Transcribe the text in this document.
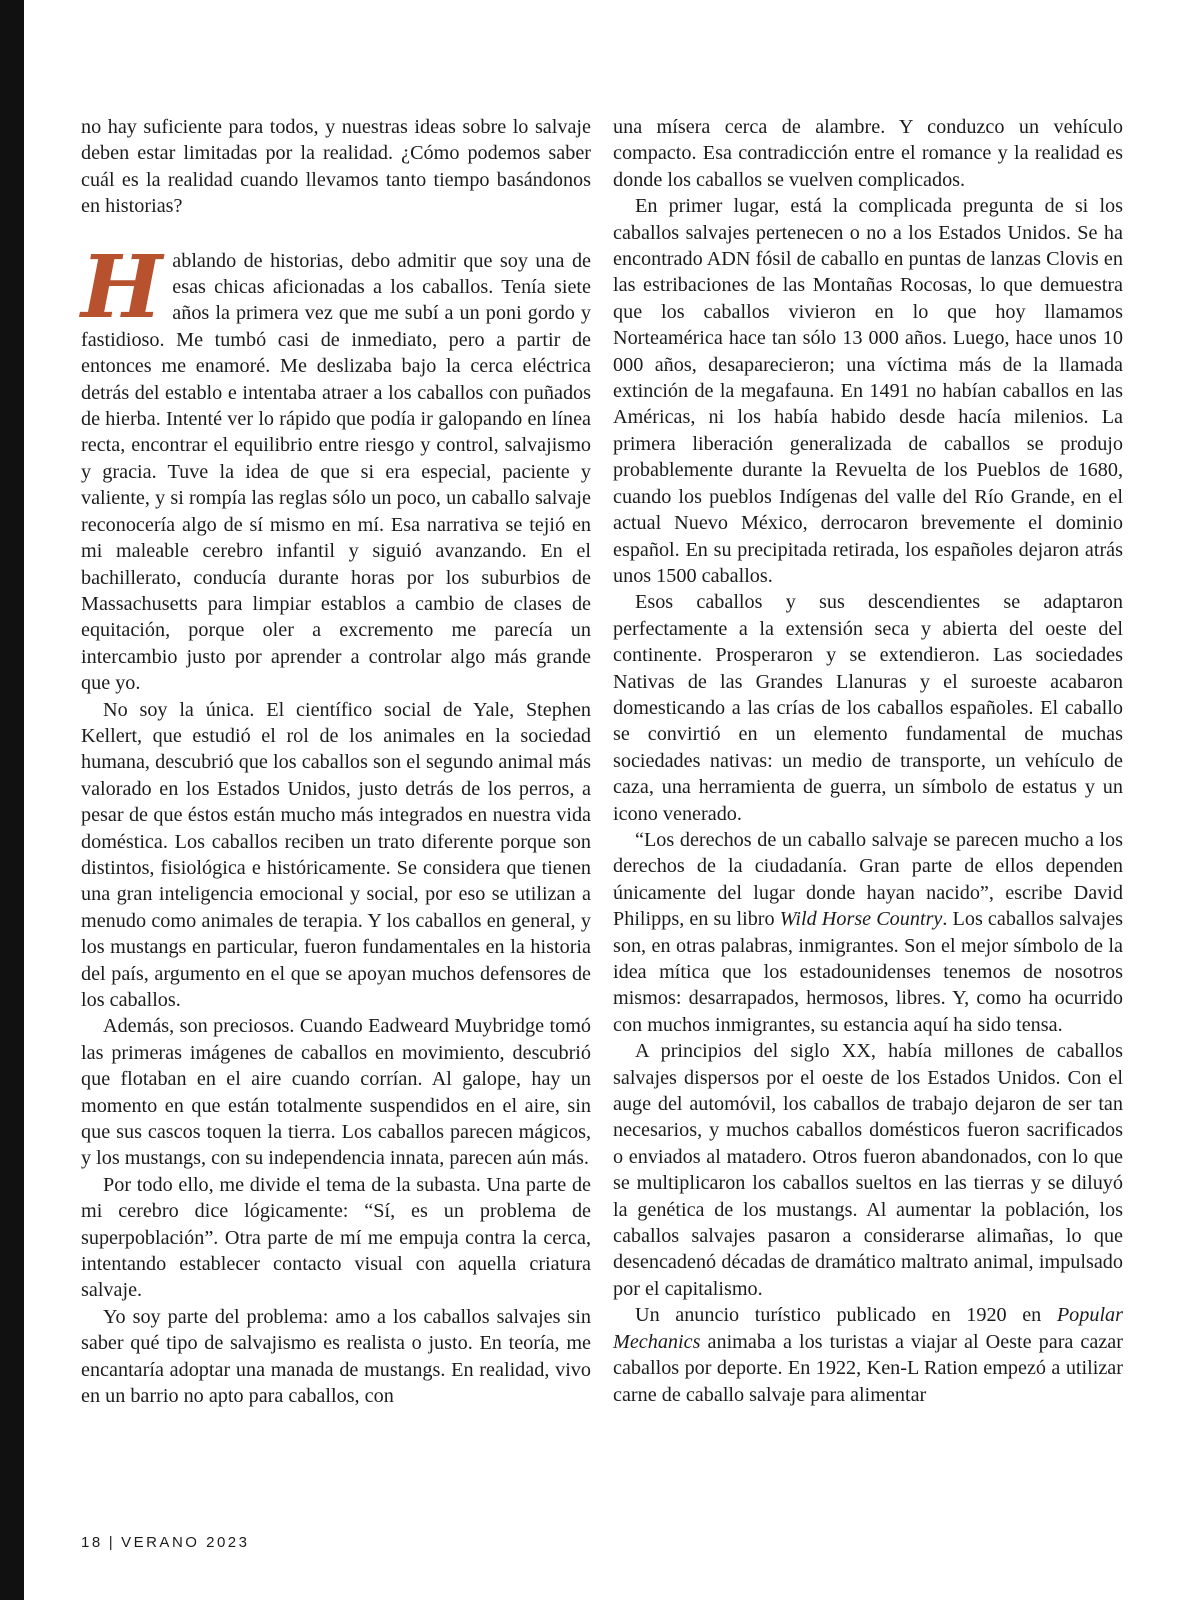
no hay suficiente para todos, y nuestras ideas sobre lo salvaje deben estar limitadas por la realidad. ¿Cómo podemos saber cuál es la realidad cuando llevamos tanto tiempo basándonos en historias?

Hablando de historias, debo admitir que soy una de esas chicas aficionadas a los caballos. Tenía siete años la primera vez que me subí a un poni gordo y fastidioso. Me tumbó casi de inmediato, pero a partir de entonces me enamoré. Me deslizaba bajo la cerca eléctrica detrás del establo e intentaba atraer a los caballos con puñados de hierba. Intenté ver lo rápido que podía ir galopando en línea recta, encontrar el equilibrio entre riesgo y control, salvajismo y gracia. Tuve la idea de que si era especial, paciente y valiente, y si rompía las reglas sólo un poco, un caballo salvaje reconocería algo de sí mismo en mí. Esa narrativa se tejió en mi maleable cerebro infantil y siguió avanzando. En el bachillerato, conducía durante horas por los suburbios de Massachusetts para limpiar establos a cambio de clases de equitación, porque oler a excremento me parecía un intercambio justo por aprender a controlar algo más grande que yo.

No soy la única. El científico social de Yale, Stephen Kellert, que estudió el rol de los animales en la sociedad humana, descubrió que los caballos son el segundo animal más valorado en los Estados Unidos, justo detrás de los perros, a pesar de que éstos están mucho más integrados en nuestra vida doméstica. Los caballos reciben un trato diferente porque son distintos, fisiológica e históricamente. Se considera que tienen una gran inteligencia emocional y social, por eso se utilizan a menudo como animales de terapia. Y los caballos en general, y los mustangs en particular, fueron fundamentales en la historia del país, argumento en el que se apoyan muchos defensores de los caballos.

Además, son preciosos. Cuando Eadweard Muybridge tomó las primeras imágenes de caballos en movimiento, descubrió que flotaban en el aire cuando corrían. Al galope, hay un momento en que están totalmente suspendidos en el aire, sin que sus cascos toquen la tierra. Los caballos parecen mágicos, y los mustangs, con su independencia innata, parecen aún más.

Por todo ello, me divide el tema de la subasta. Una parte de mi cerebro dice lógicamente: “Sí, es un problema de superpoblación”. Otra parte de mí me empuja contra la cerca, intentando establecer contacto visual con aquella criatura salvaje.

Yo soy parte del problema: amo a los caballos salvajes sin saber qué tipo de salvajismo es realista o justo. En teoría, me encantaría adoptar una manada de mustangs. En realidad, vivo en un barrio no apto para caballos, con

una mísera cerca de alambre. Y conduzco un vehículo compacto. Esa contradicción entre el romance y la realidad es donde los caballos se vuelven complicados.

En primer lugar, está la complicada pregunta de si los caballos salvajes pertenecen o no a los Estados Unidos. Se ha encontrado ADN fósil de caballo en puntas de lanzas Clovis en las estribaciones de las Montañas Rocosas, lo que demuestra que los caballos vivieron en lo que hoy llamamos Norteamérica hace tan sólo 13 000 años. Luego, hace unos 10 000 años, desaparecieron; una víctima más de la llamada extinción de la megafauna. En 1491 no habían caballos en las Américas, ni los había habido desde hacía milenios. La primera liberación generalizada de caballos se produjo probablemente durante la Revuelta de los Pueblos de 1680, cuando los pueblos Indígenas del valle del Río Grande, en el actual Nuevo México, derrocaron brevemente el dominio español. En su precipitada retirada, los españoles dejaron atrás unos 1500 caballos.

Esos caballos y sus descendientes se adaptaron perfectamente a la extensión seca y abierta del oeste del continente. Prosperaron y se extendieron. Las sociedades Nativas de las Grandes Llanuras y el suroeste acabaron domesticando a las crías de los caballos españoles. El caballo se convirtió en un elemento fundamental de muchas sociedades nativas: un medio de transporte, un vehículo de caza, una herramienta de guerra, un símbolo de estatus y un icono venerado.

“Los derechos de un caballo salvaje se parecen mucho a los derechos de la ciudadanía. Gran parte de ellos dependen únicamente del lugar donde hayan nacido”, escribe David Philipps, en su libro Wild Horse Country. Los caballos salvajes son, en otras palabras, inmigrantes. Son el mejor símbolo de la idea mítica que los estadounidenses tenemos de nosotros mismos: desarrapados, hermosos, libres. Y, como ha ocurrido con muchos inmigrantes, su estancia aquí ha sido tensa.

A principios del siglo XX, había millones de caballos salvajes dispersos por el oeste de los Estados Unidos. Con el auge del automóvil, los caballos de trabajo dejaron de ser tan necesarios, y muchos caballos domésticos fueron sacrificados o enviados al matadero. Otros fueron abandonados, con lo que se multiplicaron los caballos sueltos en las tierras y se diluyó la genética de los mustangs. Al aumentar la población, los caballos salvajes pasaron a considerarse alimañas, lo que desencadenó décadas de dramático maltrato animal, impulsado por el capitalismo.

Un anuncio turístico publicado en 1920 en Popular Mechanics animaba a los turistas a viajar al Oeste para cazar caballos por deporte. En 1922, Ken-L Ration empezó a utilizar carne de caballo salvaje para alimentar

18 | VERANO 2023
